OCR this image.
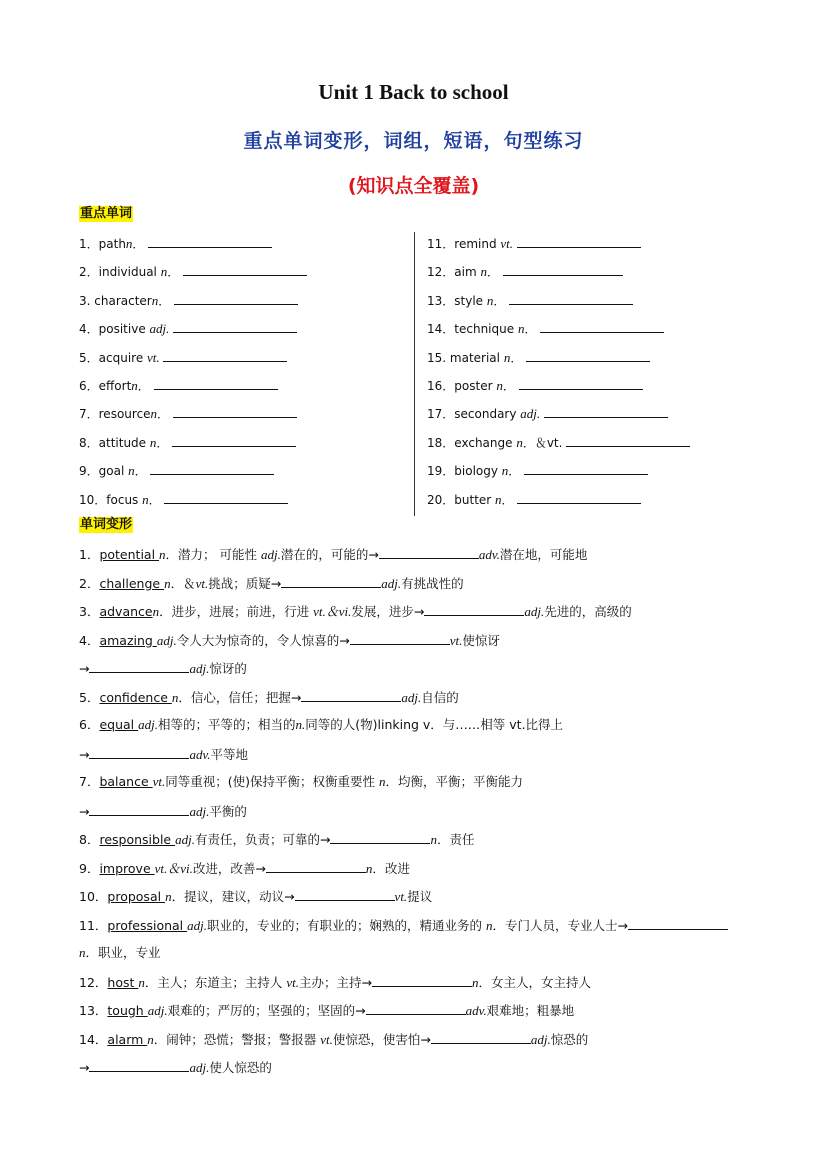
Unit 1 Back to school
重点单词变形，词组，短语，句型练习
(知识点全覆盖)
重点单词
1．pathn．
2．individual n．
3. charactern．
4．positive adj.
5．acquire vt.
6．effortn．
7．resourcen．
8．attitude n．
9．goal n．
10．focus n．
11．remind vt.
12．aim n．
13．style n．
14．technique n．
15. material n．
16．poster n．
17．secondary adj.
18．exchange n．＆vt.
19．biology n．
20．butter n．
单词变形
1．potential n．潜力； 可能性 adj.潜在的，可能的→	adv.潜在地，可能地
2．challenge n．＆vt.挑战；质疑→	adj.有挑战性的
3．advancen．进步，进展；前进，行进 vt.＆vi.发展，进步→	adj.先进的，高级的
4．amazing adj.令人大为惊奇的，令人惊喜的→	vt.使惊讶
→	adj.惊讶的
5．confidence n．信心，信任；把握→	adj.自信的
6．equal adj.相等的；平等的；相当的n.同等的人(物)linking v．与……相等 vt.比得上
→	adv.平等地
7．balance vt.同等重视；(使)保持平衡；权衡重要性 n．均衡，平衡；平衡能力
→	adj.平衡的
8．responsible adj.有责任，负责；可靠的→	n．责任
9．improve vt.＆vi.改进，改善→	n．改进
10．proposal n．提议，建议，动议→	vt.提议
11．professional adj.职业的，专业的；有职业的；娴熟的，精通业务的 n．专门人员，专业人士→
n．职业，专业
12．host n．主人；东道主；主持人 vt.主办；主持→	n．女主人，女主持人
13．tough adj.艰难的；严厉的；坚强的；坚固的→	adv.艰难地；粗暴地
14．alarm n．闹钟；恐慌；警报；警报器 vt.使惊恐，使害怕→	adj.惊恐的
→	adj.使人惊恐的
